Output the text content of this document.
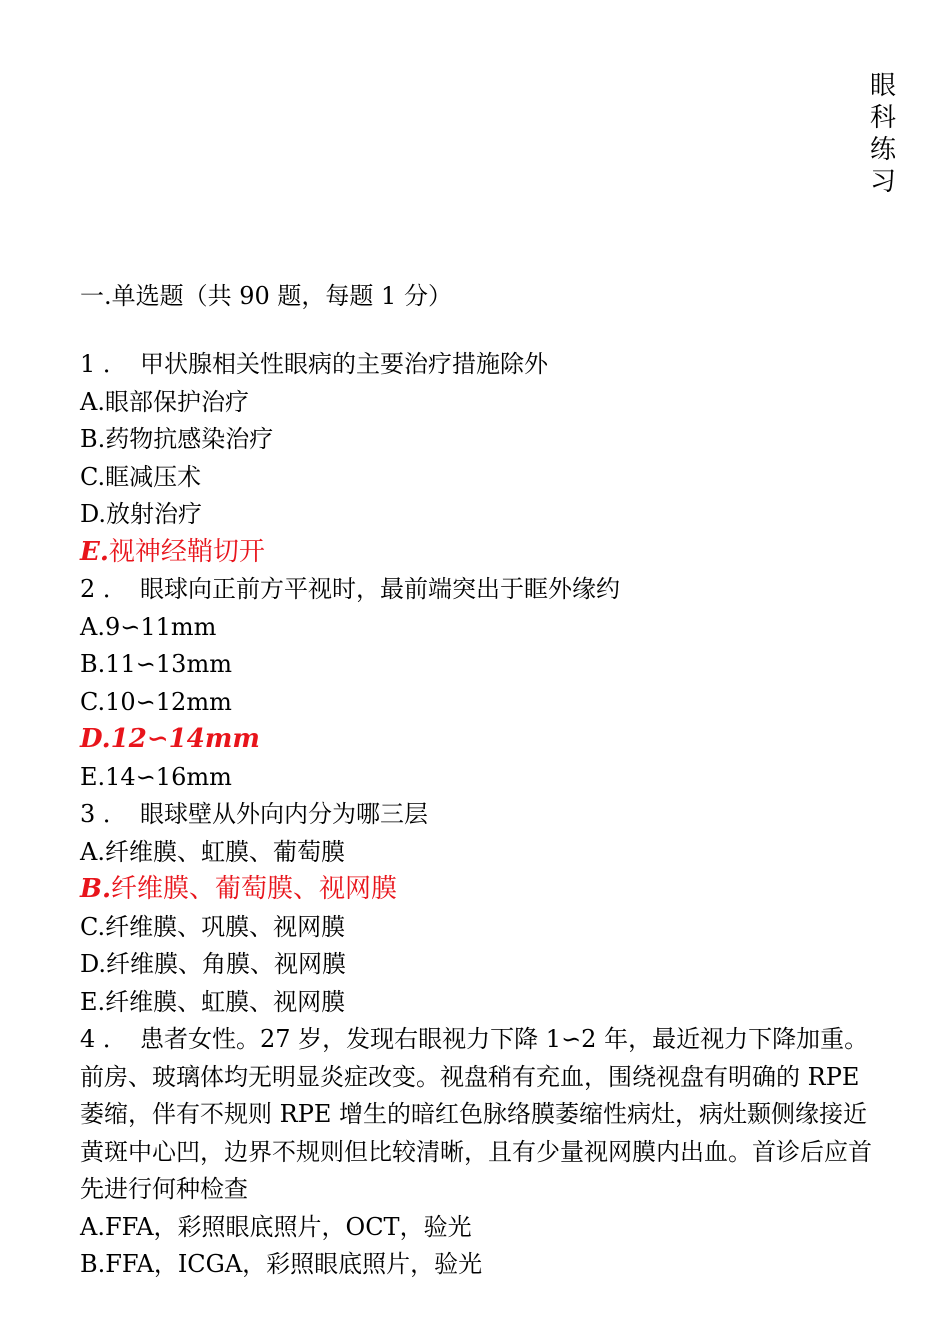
眼
科
练
习
一.单选题（共 90 题，每题 1 分）
1 ． 甲状腺相关性眼病的主要治疗措施除外
A.眼部保护治疗
B.药物抗感染治疗
C.眶减压术
D.放射治疗
E.视神经鞘切开
2 ． 眼球向正前方平视时，最前端突出于眶外缘约
A.9∽11mm
B.11∽13mm
C.10∽12mm
D.12∽14mm
E.14∽16mm
3 ． 眼球壁从外向内分为哪三层
A.纤维膜、虹膜、葡萄膜
B.纤维膜、葡萄膜、视网膜
C.纤维膜、巩膜、视网膜
D.纤维膜、角膜、视网膜
E.纤维膜、虹膜、视网膜
4 ． 患者女性。27 岁，发现右眼视力下降 1∽2 年，最近视力下降加重。前房、玻璃体均无明显炎症改变。视盘稍有充血，围绕视盘有明确的 RPE 萎缩，伴有不规则 RPE 增生的暗红色脉络膜萎缩性病灶，病灶颞侧缘接近黄斑中心凹，边界不规则但比较清晰，且有少量视网膜内出血。首诊后应首先进行何种检查
A.FFA，彩照眼底照片，OCT，验光
B.FFA，ICGA，彩照眼底照片，验光
